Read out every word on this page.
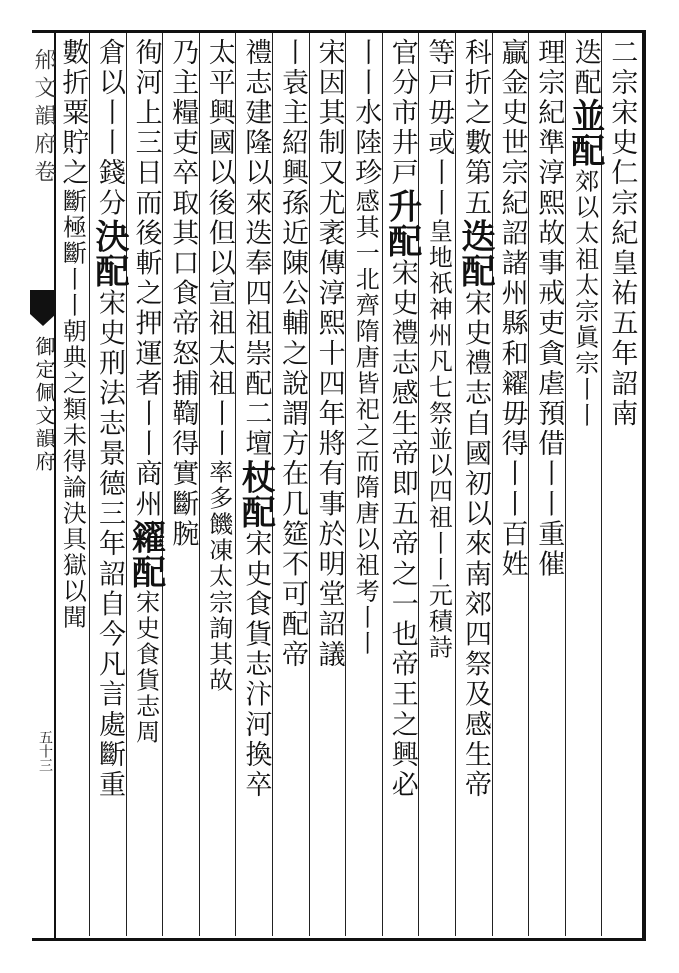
𨚕文韻府卷
御定佩文韻府
五十三
二宗宋史仁宗紀皇祐五年詔南
迭配並配郊以太祖太宗眞宗丨丨
理宗紀準淳熙故事戒吏貪虐預借丨丨重催
贏金史世宗紀詔諸州縣和糴毋得丨丨百姓
科折之數第五迭配宋史禮志自國初以來南郊四祭及感生帝
等戸毋或丨丨皇地祇神州凡七祭並以四祖丨丨元積詩
官分市井戸升配宋史禮志感生帝即五帝之一也帝王之興必
丨丨水陸珍感其一北齊隋唐皆祀之而隋唐以祖考丨丨
宋因其制又尤袤傳淳熙十四年將有事於明堂詔議
丨袁主紹興孫近陳公輔之說謂方在几筵不可配帝
禮志建隆以來迭奉四祖崇配二壇杖配宋史食貨志汴河換卒
太平興國以後但以宣祖太祖丨丨率多饑凍太宗詢其故
乃主糧吏卒取其口食帝怒捕鞫得實斷腕
徇河上三日而後斬之押運者丨丨商州糴配宋史食貨志周
倉以丨丨錢分決配宋史刑法志景德三年詔自今凡言處斷重
數折粟貯之斷極斷丨丨朝典之類未得論決具獄以聞
